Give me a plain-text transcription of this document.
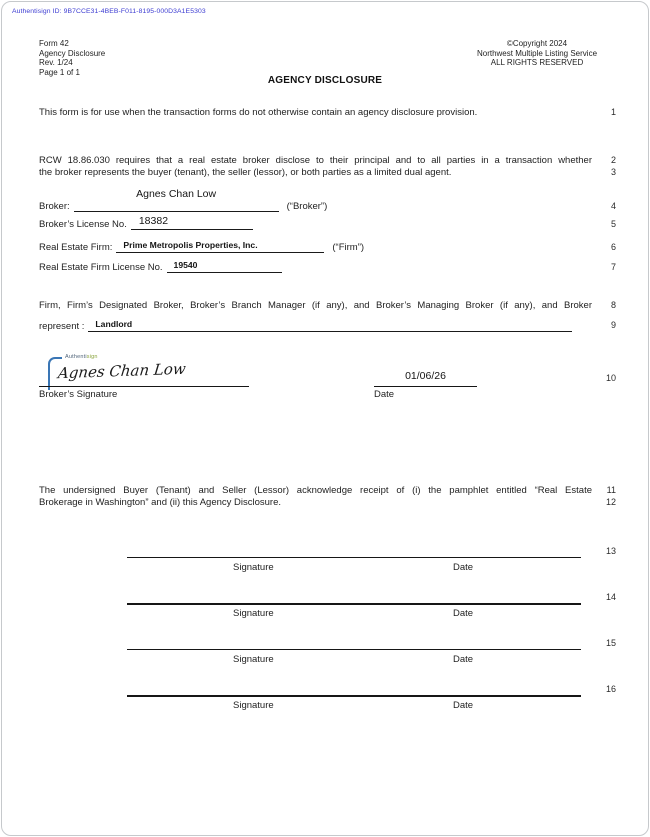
Authentisign ID: 9B7CCE31-4BEB-F011-8195-000D3A1E5303
Form 42
Agency Disclosure
Rev. 1/24
Page 1 of 1
©Copyright 2024
Northwest Multiple Listing Service
ALL RIGHTS RESERVED
AGENCY DISCLOSURE
This form is for use when the transaction forms do not otherwise contain an agency disclosure provision.
RCW 18.86.030 requires that a real estate broker disclose to their principal and to all parties in a transaction whether
the broker represents the buyer (tenant), the seller (lessor), or both parties as a limited dual agent.
Broker:
Agnes Chan Low
(“Broker”)
Broker’s License No.	18382
Real Estate Firm:	Prime Metropolis Properties, Inc.	(“Firm”)
Real Estate Firm License No.	19540
Firm, Firm’s Designated Broker, Broker’s Branch Manager (if any), and Broker’s Managing Broker (if any), and Broker
represent :	Landlord
Authentisign
Agnes Chan Low
Broker’s Signature
01/06/26
Date
The undersigned Buyer (Tenant) and Seller (Lessor) acknowledge receipt of (i) the pamphlet entitled “Real Estate
Brokerage in Washington” and (ii) this Agency Disclosure.
Signature	Date
Signature	Date
Signature	Date
Signature	Date
1
2
3
4
5
6
7
8
9
10
11
12
13
14
15
16
